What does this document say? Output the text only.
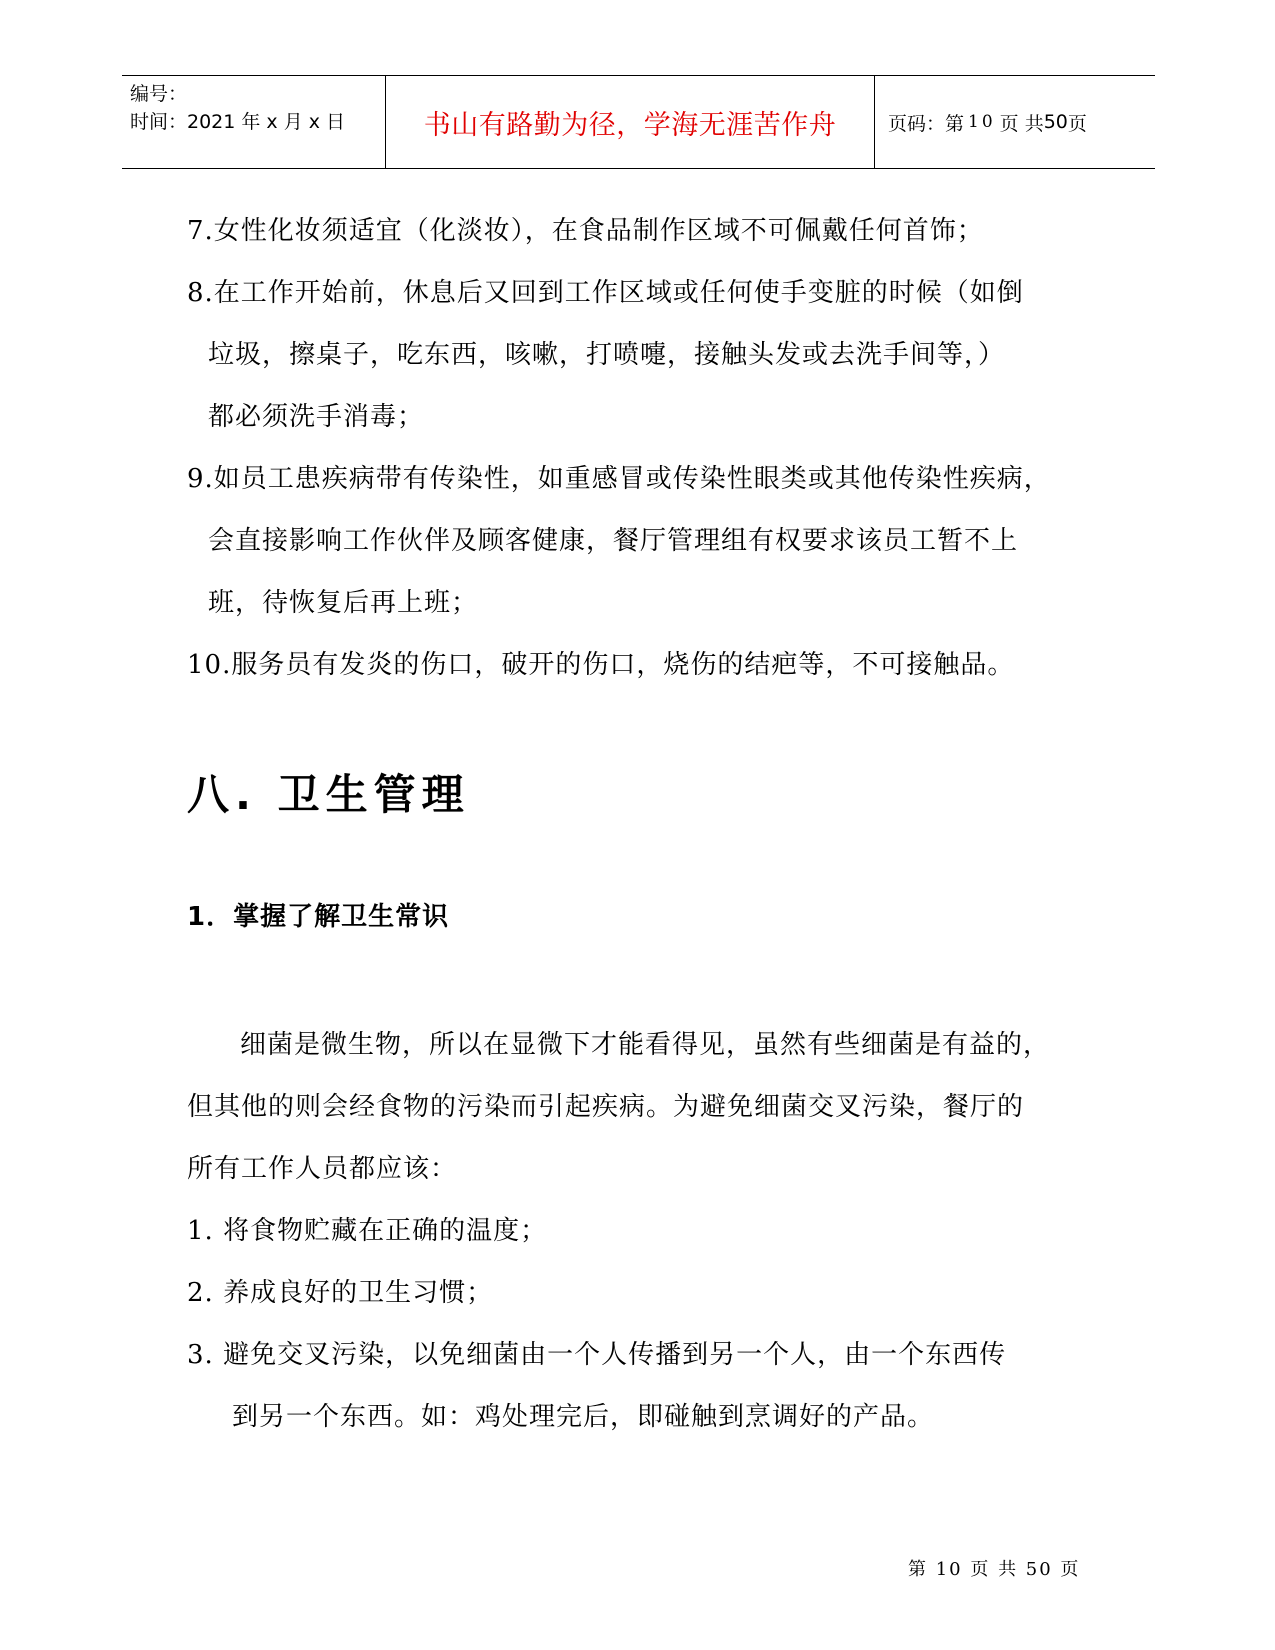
编号：
时间：2021 年 x 月 x 日	书山有路勤为径，学海无涯苦作舟	页码：第 10 页 共 50 页
7.女性化妆须适宜（化淡妆），在食品制作区域不可佩戴任何首饰；
8.在工作开始前，休息后又回到工作区域或任何使手变脏的时候（如倒
垃圾，擦桌子，吃东西，咳嗽，打喷嚏，接触头发或去洗手间等，）
都必须洗手消毒；
9.如员工患疾病带有传染性，如重感冒或传染性眼类或其他传染性疾病，
会直接影响工作伙伴及顾客健康，餐厅管理组有权要求该员工暂不上
班，待恢复后再上班；
10.服务员有发炎的伤口，破开的伤口，烧伤的结疤等，不可接触品。
八. 卫生管理
1．掌握了解卫生常识
细菌是微生物，所以在显微下才能看得见，虽然有些细菌是有益的，
但其他的则会经食物的污染而引起疾病。为避免细菌交叉污染，餐厅的
所有工作人员都应该：
1. 将食物贮藏在正确的温度；
2. 养成良好的卫生习惯；
3. 避免交叉污染，以免细菌由一个人传播到另一个人，由一个东西传
到另一个东西。如：鸡处理完后，即碰触到烹调好的产品。
第 10 页 共 50 页
